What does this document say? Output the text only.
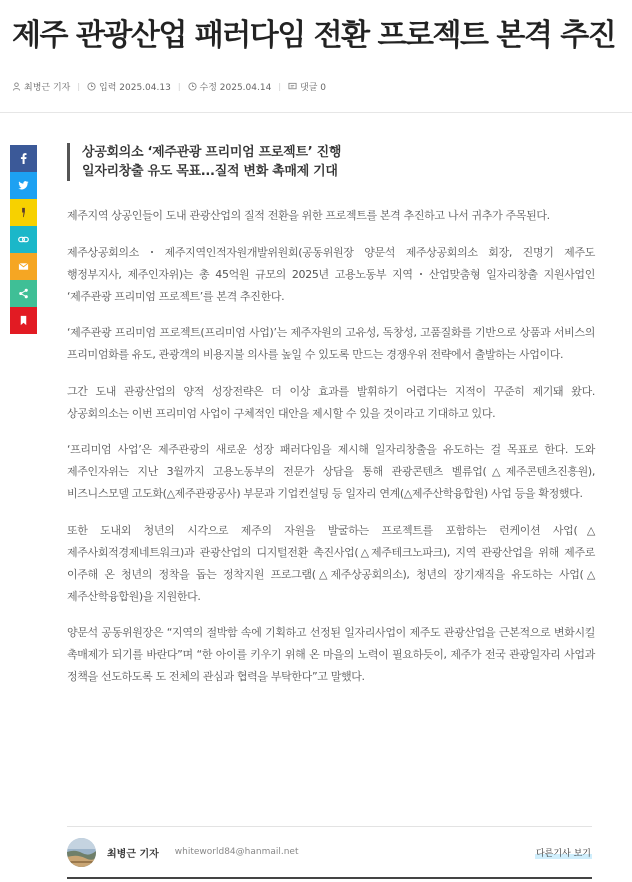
제주 관광산업 패러다임 전환 프로젝트 본격 추진
최병근 기자 | 입력 2025.04.13 | 수정 2025.04.14 | 댓글 0
상공회의소 ‘제주관광 프리미엄 프로젝트’ 진행
일자리창출 유도 목표...질적 변화 촉매제 기대

제주지역 상공인들이 도내 관광산업의 질적 전환을 위한 프로젝트를 본격 추진하고 나서 귀추가 주목된다.

제주상공회의소・제주지역인적자원개발위원회(공동위원장 양문석 제주상공회의소 회장, 진명기 제주도 행정부지사, 제주인자위)는 총 45억원 규모의 2025년 고용노동부 지역・산업맞춤형 일자리창출 지원사업인 ‘제주관광 프리미엄 프로젝트’를 본격 추진한다.

‘제주관광 프리미엄 프로젝트(프리미엄 사업)’는 제주자원의 고유성, 독창성, 고품질화를 기반으로 상품과 서비스의 프리미엄화를 유도, 관광객의 비용지불 의사를 높일 수 있도록 만드는 경쟁우위 전략에서 출발하는 사업이다.

그간 도내 관광산업의 양적 성장전략은 더 이상 효과를 발휘하기 어렵다는 지적이 꾸준히 제기돼 왔다. 상공회의소는 이번 프리미엄 사업이 구체적인 대안을 제시할 수 있을 것이라고 기대하고 있다.

‘프리미엄 사업’은 제주관광의 새로운 성장 패러다임을 제시해 일자리창출을 유도하는 걸 목표로 한다. 도와 제주인자위는 지난 3월까지 고용노동부의 전문가 상담을 통해 관광콘텐츠 벨류업(△제주콘텐츠진흥원), 비즈니스모델 고도화(△제주관광공사) 부문과 기업컨설팅 등 일자리 연계(△제주산학융합원) 사업 등을 확정했다.

또한 도내외 청년의 시각으로 제주의 자원을 발굴하는 프로젝트를 포함하는 런케이션 사업(△제주사회적경제네트워크)과 관광산업의 디지털전환 촉진사업(△제주테크노파크), 지역 관광산업을 위해 제주로 이주해 온 청년의 정착을 돕는 정착지원 프로그램(△제주상공회의소), 청년의 장기재직을 유도하는 사업(△제주산학융합원)을 지원한다.

양문석 공동위원장은 “지역의 절박함 속에 기획하고 선정된 일자리사업이 제주도 관광산업을 근본적으로 변화시킬 촉매제가 되기를 바란다”며 “한 아이를 키우기 위해 온 마을의 노력이 필요하듯이, 제주가 전국 관광일자리 사업과 정책을 선도하도록 도 전체의 관심과 협력을 부탁한다”고 말했다.

최병근 기자 whiteworld84@hanmail.net	다른기사 보기
